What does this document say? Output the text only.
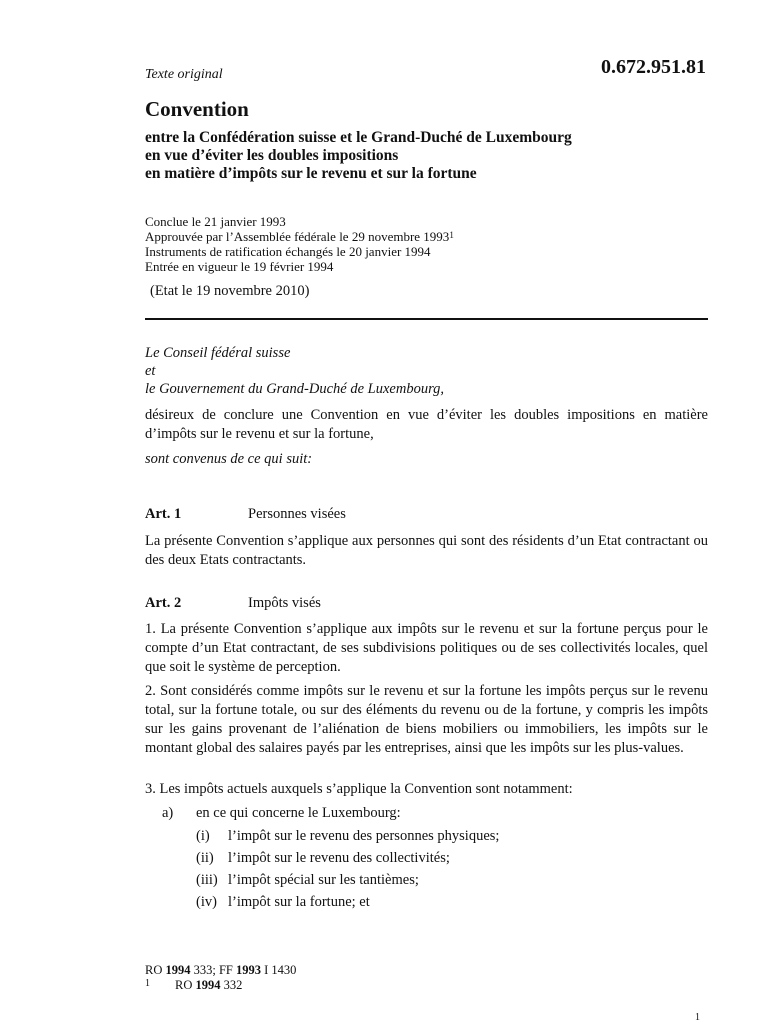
0.672.951.81
Texte original
Convention
entre la Confédération suisse et le Grand-Duché de Luxembourg
en vue d’éviter les doubles impositions
en matière d’impôts sur le revenu et sur la fortune
Conclue le 21 janvier 1993
Approuvée par l’Assemblée fédérale le 29 novembre 1993$^1$
Instruments de ratification échangés le 20 janvier 1994
Entrée en vigueur le 19 février 1994
(Etat le 19 novembre 2010)
Le Conseil fédéral suisse
et
le Gouvernement du Grand-Duché de Luxembourg,
désireux de conclure une Convention en vue d’éviter les doubles impositions en matière d’impôts sur le revenu et sur la fortune,
sont convenus de ce qui suit:
Art. 1	Personnes visées
La présente Convention s’applique aux personnes qui sont des résidents d’un Etat contractant ou des deux Etats contractants.
Art. 2	Impôts visés
1. La présente Convention s’applique aux impôts sur le revenu et sur la fortune perçus pour le compte d’un Etat contractant, de ses subdivisions politiques ou de ses collectivités locales, quel que soit le système de perception.
2. Sont considérés comme impôts sur le revenu et sur la fortune les impôts perçus sur le revenu total, sur la fortune totale, ou sur des éléments du revenu ou de la fortune, y compris les impôts sur les gains provenant de l’aliénation de biens mobiliers ou immobiliers, les impôts sur le montant global des salaires payés par les entreprises, ainsi que les impôts sur les plus-values.
3. Les impôts actuels auxquels s’applique la Convention sont notamment:
a) en ce qui concerne le Luxembourg:
(i) l’impôt sur le revenu des personnes physiques;
(ii) l’impôt sur le revenu des collectivités;
(iii) l’impôt spécial sur les tantièmes;
(iv) l’impôt sur la fortune; et
RO 1994 333; FF 1993 I 1430
1 RO 1994 332
1
